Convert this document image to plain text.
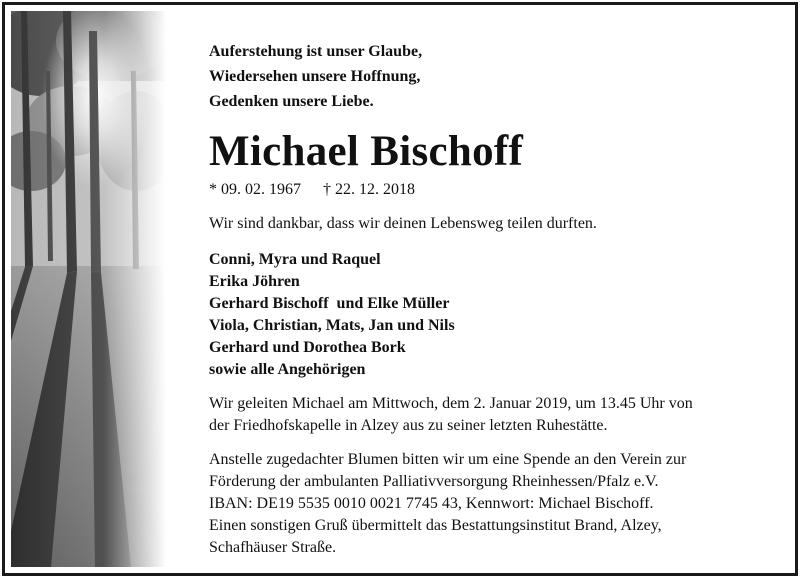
Auferstehung ist unser Glaube,

Wiedersehen unsere Hoffnung,

Gedenken unsere Liebe.

Michael Bischoff
* 09. 02. 1967 † 22. 12. 2018

Wir sind dankbar, dass wir deinen Lebensweg teilen durften.

Conni, Myra und Raquel

Erika Jöhren

Gerhard Bischoff  und Elke Müller

Viola, Christian, Mats, Jan und Nils

Gerhard und Dorothea Bork

sowie alle Angehörigen

Wir geleiten Michael am Mittwoch, dem 2. Januar 2019, um 13.45 Uhr von

der Friedhofskapelle in Alzey aus zu seiner letzten Ruhestätte.

Anstelle zugedachter Blumen bitten wir um eine Spende an den Verein zur

Förderung der ambulanten Palliativversorgung Rheinhessen/Pfalz e.V.

IBAN: DE19 5535 0010 0021 7745 43, Kennwort: Michael Bischoff.

Einen sonstigen Gruß übermittelt das Bestattungsinstitut Brand, Alzey,

Schafhäuser Straße.
